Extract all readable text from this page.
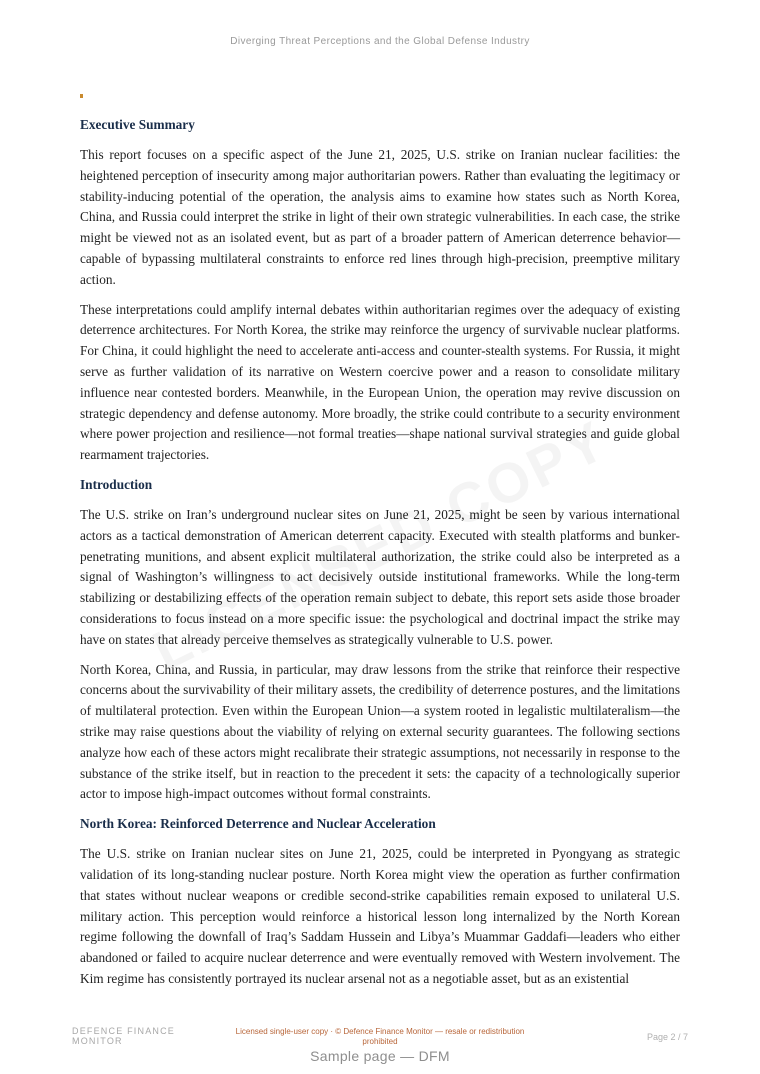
Diverging Threat Perceptions and the Global Defense Industry
Executive Summary

This report focuses on a specific aspect of the June 21, 2025, U.S. strike on Iranian nuclear facilities: the heightened perception of insecurity among major authoritarian powers. Rather than evaluating the legitimacy or stability-inducing potential of the operation, the analysis aims to examine how states such as North Korea, China, and Russia could interpret the strike in light of their own strategic vulnerabilities. In each case, the strike might be viewed not as an isolated event, but as part of a broader pattern of American deterrence behavior—capable of bypassing multilateral constraints to enforce red lines through high-precision, preemptive military action.

These interpretations could amplify internal debates within authoritarian regimes over the adequacy of existing deterrence architectures. For North Korea, the strike may reinforce the urgency of survivable nuclear platforms. For China, it could highlight the need to accelerate anti-access and counter-stealth systems. For Russia, it might serve as further validation of its narrative on Western coercive power and a reason to consolidate military influence near contested borders. Meanwhile, in the European Union, the operation may revive discussion on strategic dependency and defense autonomy. More broadly, the strike could contribute to a security environment where power projection and resilience—not formal treaties—shape national survival strategies and guide global rearmament trajectories.

Introduction

The U.S. strike on Iran’s underground nuclear sites on June 21, 2025, might be seen by various international actors as a tactical demonstration of American deterrent capacity. Executed with stealth platforms and bunker-penetrating munitions, and absent explicit multilateral authorization, the strike could also be interpreted as a signal of Washington’s willingness to act decisively outside institutional frameworks. While the long-term stabilizing or destabilizing effects of the operation remain subject to debate, this report sets aside those broader considerations to focus instead on a more specific issue: the psychological and doctrinal impact the strike may have on states that already perceive themselves as strategically vulnerable to U.S. power.

North Korea, China, and Russia, in particular, may draw lessons from the strike that reinforce their respective concerns about the survivability of their military assets, the credibility of deterrence postures, and the limitations of multilateral protection. Even within the European Union—a system rooted in legalistic multilateralism—the strike may raise questions about the viability of relying on external security guarantees. The following sections analyze how each of these actors might recalibrate their strategic assumptions, not necessarily in response to the substance of the strike itself, but in reaction to the precedent it sets: the capacity of a technologically superior actor to impose high-impact outcomes without formal constraints.

North Korea: Reinforced Deterrence and Nuclear Acceleration

The U.S. strike on Iranian nuclear sites on June 21, 2025, could be interpreted in Pyongyang as strategic validation of its long-standing nuclear posture. North Korea might view the operation as further confirmation that states without nuclear weapons or credible second-strike capabilities remain exposed to unilateral U.S. military action. This perception would reinforce a historical lesson long internalized by the North Korean regime following the downfall of Iraq’s Saddam Hussein and Libya’s Muammar Gaddafi—leaders who either abandoned or failed to acquire nuclear deterrence and were eventually removed with Western involvement. The Kim regime has consistently portrayed its nuclear arsenal not as a negotiable asset, but as an existential

DEFENCE FINANCE
MONITOR
Licensed single-user copy · © Defence Finance Monitor — resale or redistribution prohibited	Page 2 / 7
Sample page — DFM
